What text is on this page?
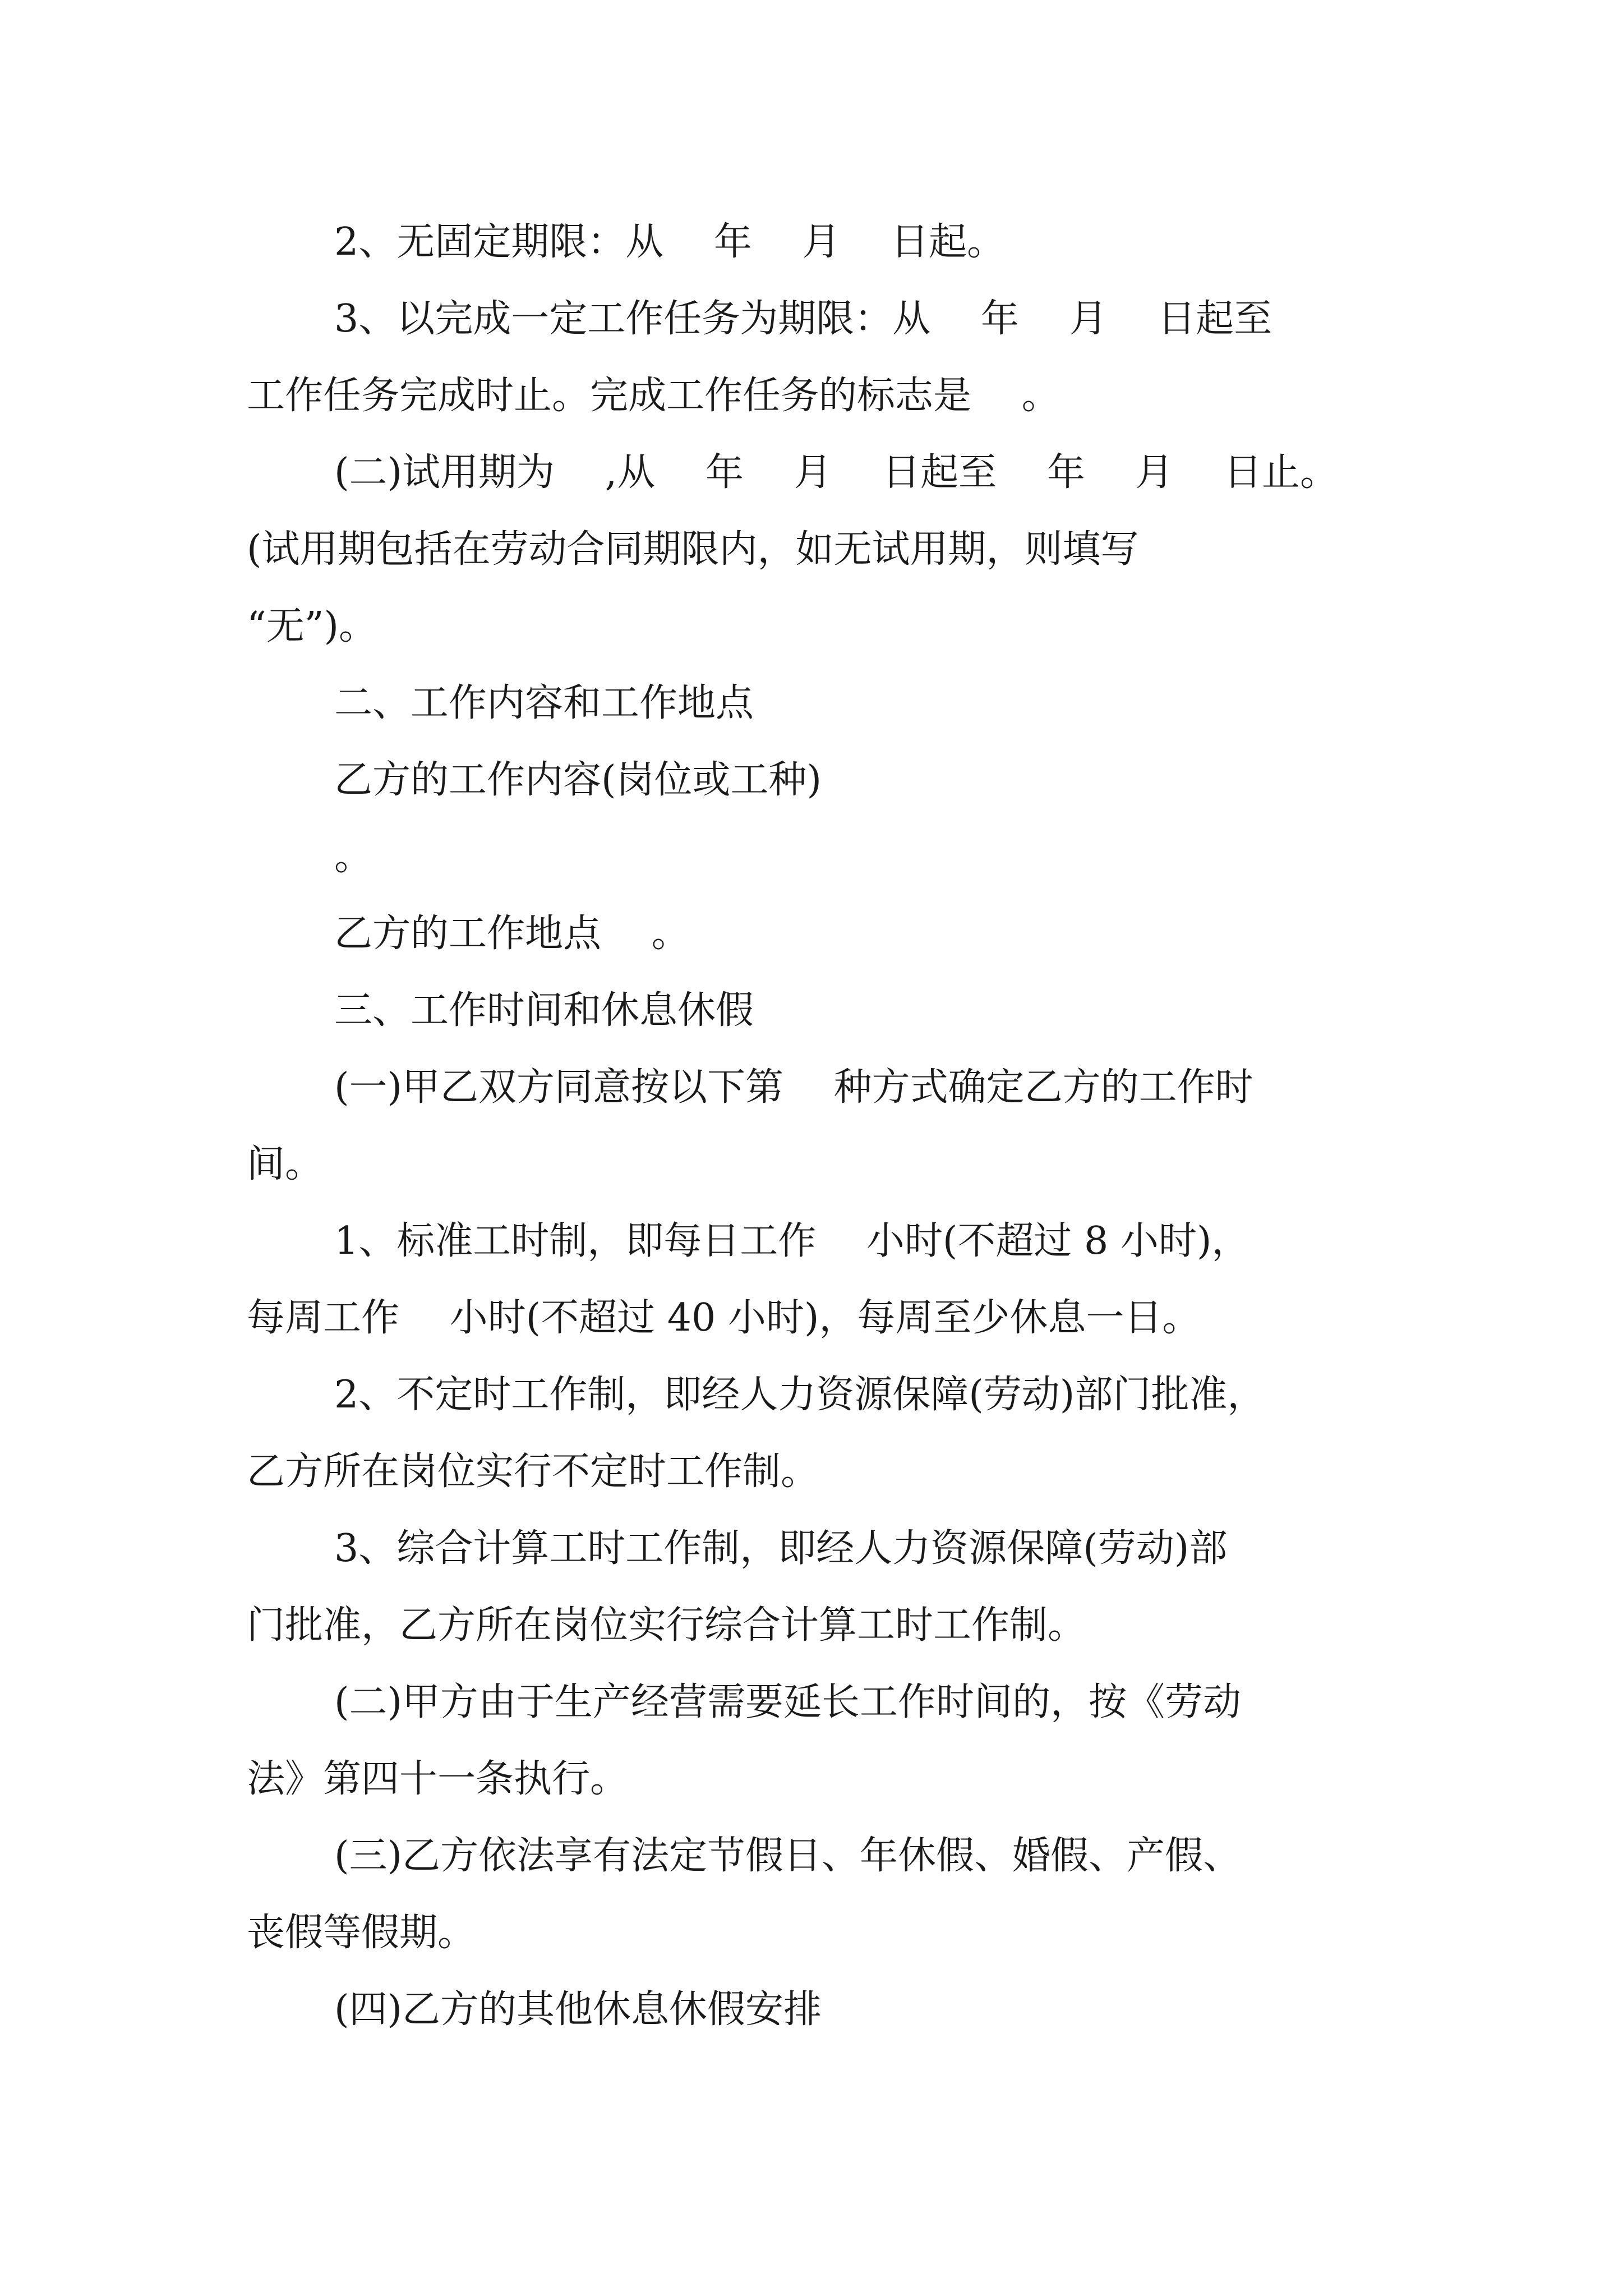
2、无固定期限：从　 年　 月　 日起。

3、以完成一定工作任务为期限：从　 年　 月　 日起至

工作任务完成时止。完成工作任务的标志是　 。

(二)试用期为　 ,从　 年　 月　 日起至　 年　 月　 日止。

(试用期包括在劳动合同期限内，如无试用期，则填写

“无”)。

二、工作内容和工作地点

乙方的工作内容(岗位或工种)

。

乙方的工作地点　 。

三、工作时间和休息休假

(一)甲乙双方同意按以下第　 种方式确定乙方的工作时

间。

1、标准工时制，即每日工作　 小时(不超过 8 小时)，

每周工作　 小时(不超过 40 小时)，每周至少休息一日。

2、不定时工作制，即经人力资源保障(劳动)部门批准，

乙方所在岗位实行不定时工作制。

3、综合计算工时工作制，即经人力资源保障(劳动)部

门批准，乙方所在岗位实行综合计算工时工作制。

(二)甲方由于生产经营需要延长工作时间的，按《劳动

法》第四十一条执行。

(三)乙方依法享有法定节假日、年休假、婚假、产假、

丧假等假期。

(四)乙方的其他休息休假安排
